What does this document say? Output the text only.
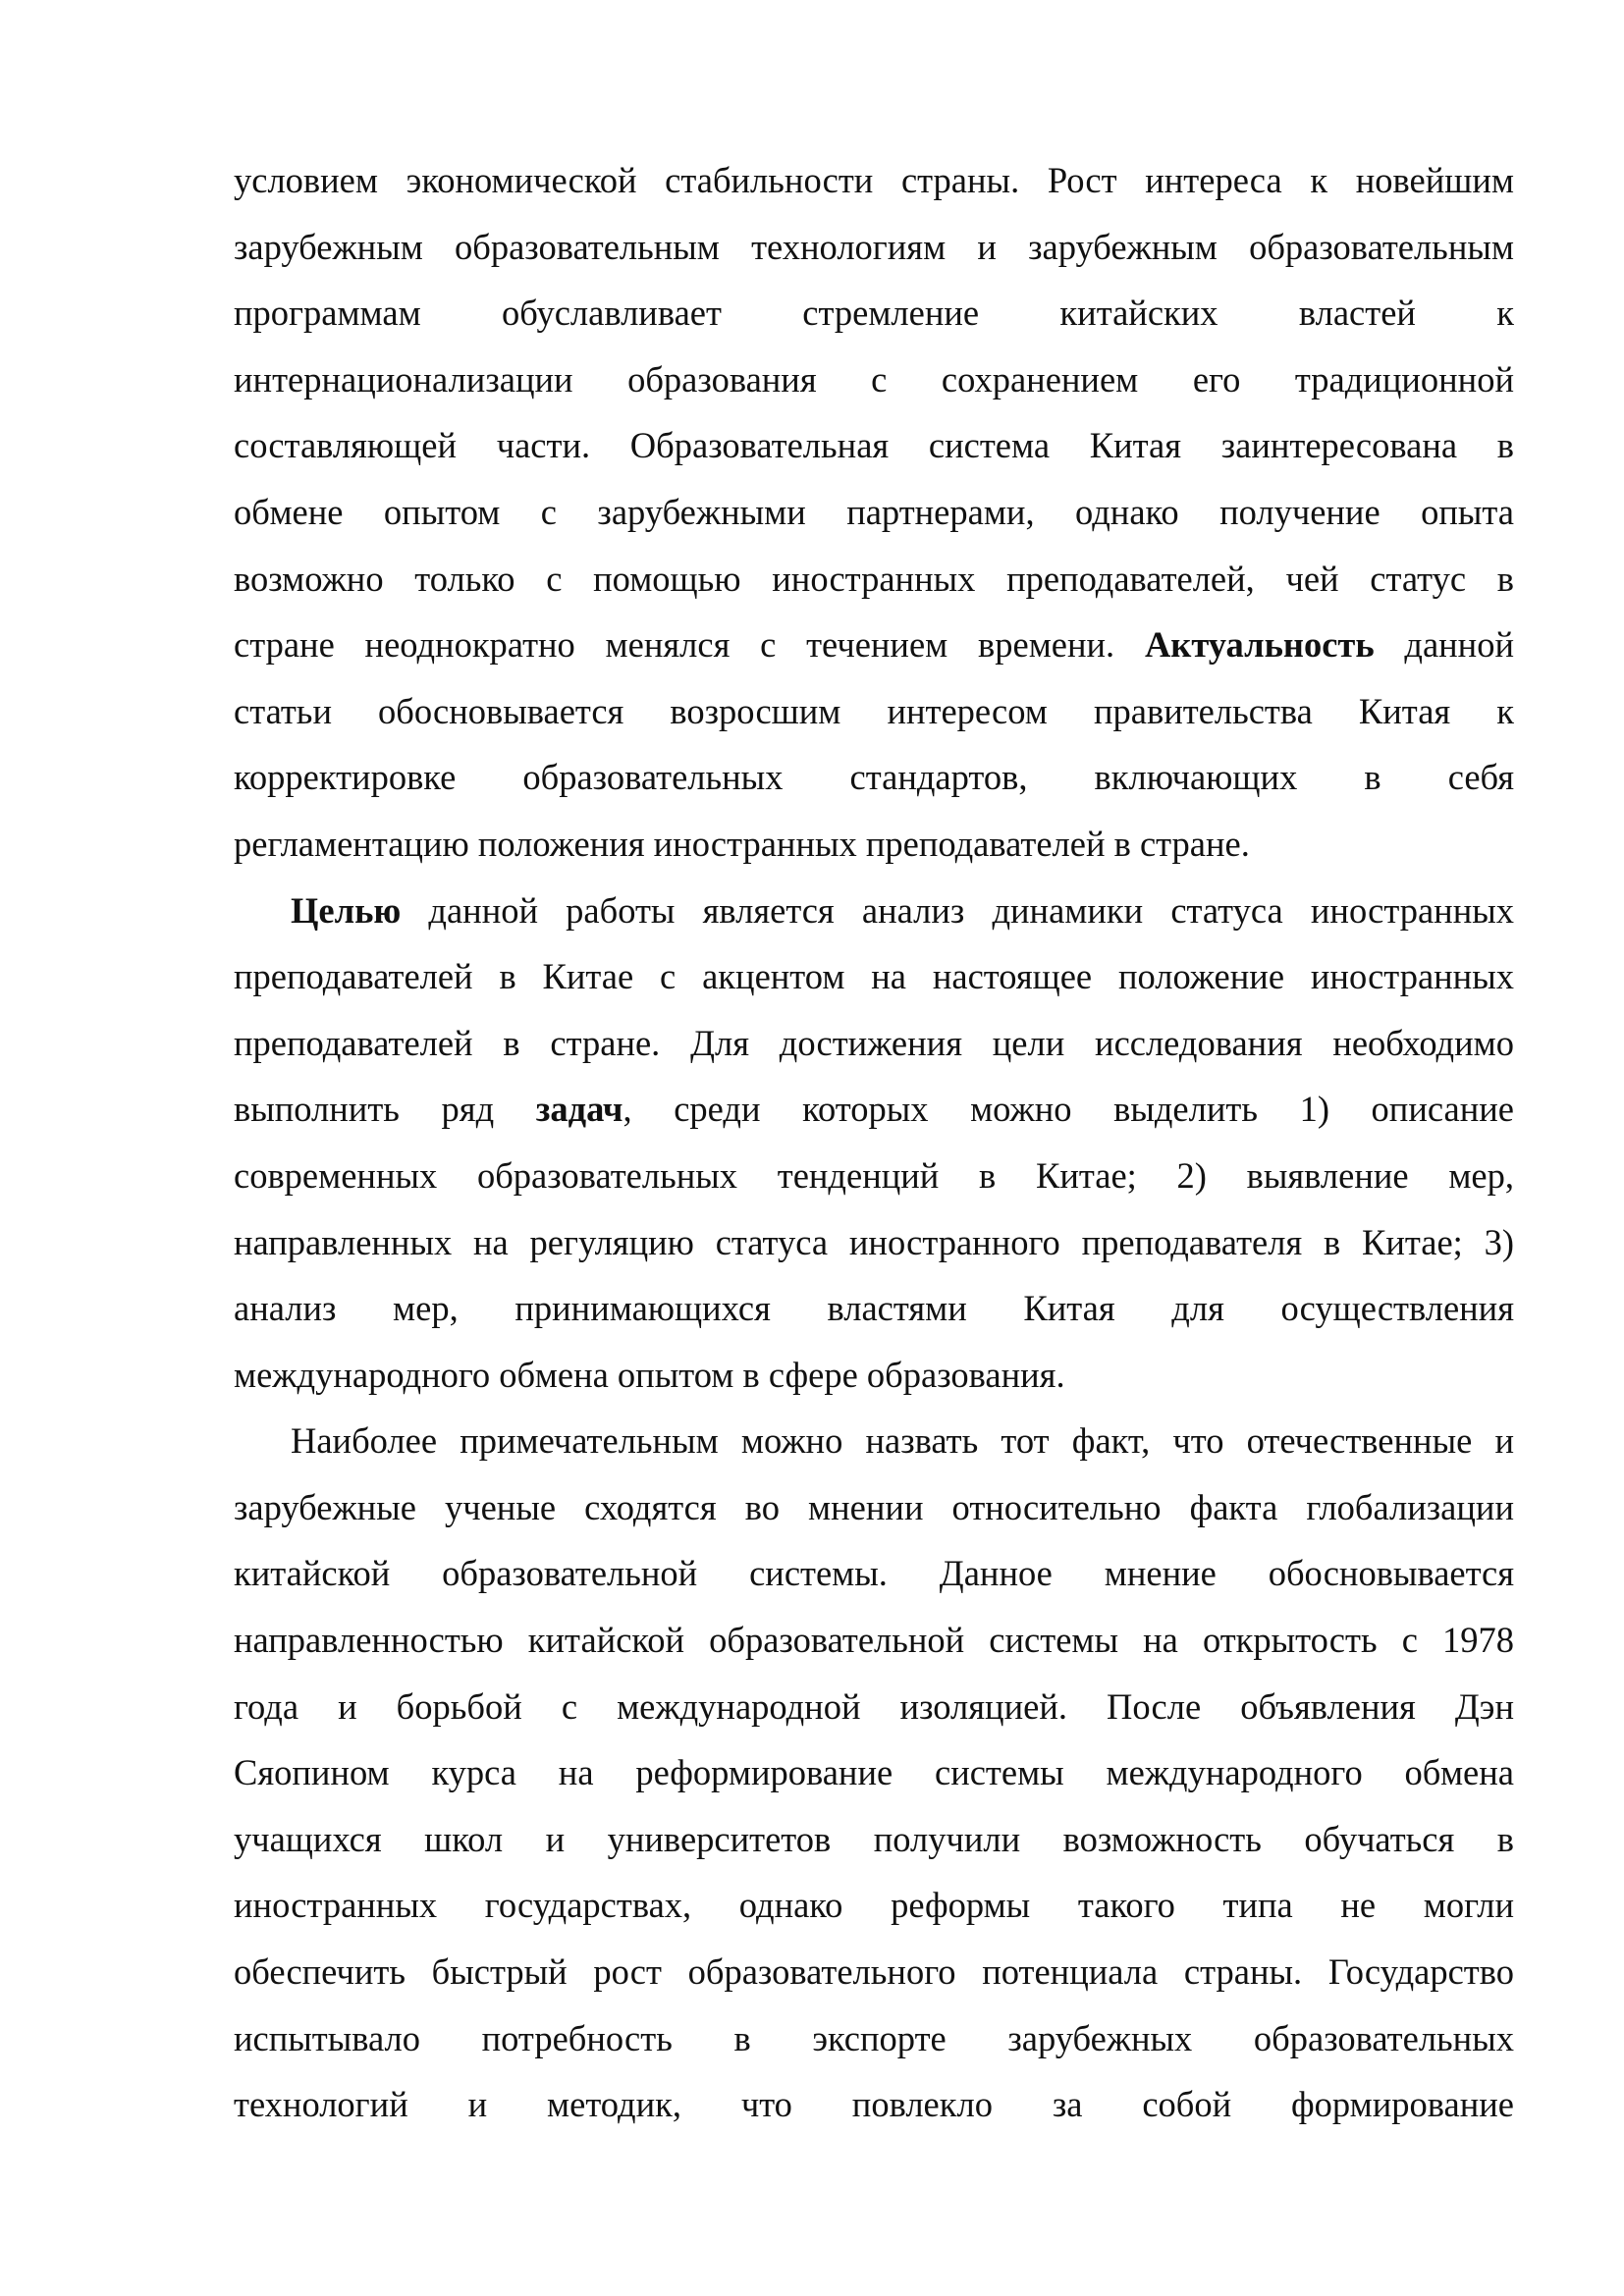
условием экономической стабильности страны. Рост интереса к новейшим
зарубежным образовательным технологиям и зарубежным образовательным
программам обуславливает стремление китайских властей к
интернационализации образования с сохранением его традиционной
составляющей части. Образовательная система Китая заинтересована в
обмене опытом с зарубежными партнерами, однако получение опыта
возможно только с помощью иностранных преподавателей, чей статус в
стране неоднократно менялся с течением времени. Актуальность данной
статьи обосновывается возросшим интересом правительства Китая к
корректировке образовательных стандартов, включающих в себя
регламентацию положения иностранных преподавателей в стране.
Целью данной работы является анализ динамики статуса иностранных
преподавателей в Китае с акцентом на настоящее положение иностранных
преподавателей в стране. Для достижения цели исследования необходимо
выполнить ряд задач, среди которых можно выделить 1) описание
современных образовательных тенденций в Китае; 2) выявление мер,
направленных на регуляцию статуса иностранного преподавателя в Китае; 3)
анализ мер, принимающихся властями Китая для осуществления
международного обмена опытом в сфере образования.
Наиболее примечательным можно назвать тот факт, что отечественные и
зарубежные ученые сходятся во мнении относительно факта глобализации
китайской образовательной системы. Данное мнение обосновывается
направленностью китайской образовательной системы на открытость с 1978
года и борьбой с международной изоляцией. После объявления Дэн
Сяопином курса на реформирование системы международного обмена
учащихся школ и университетов получили возможность обучаться в
иностранных государствах, однако реформы такого типа не могли
обеспечить быстрый рост образовательного потенциала страны. Государство
испытывало потребность в экспорте зарубежных образовательных
технологий и методик, что повлекло за собой формирование
